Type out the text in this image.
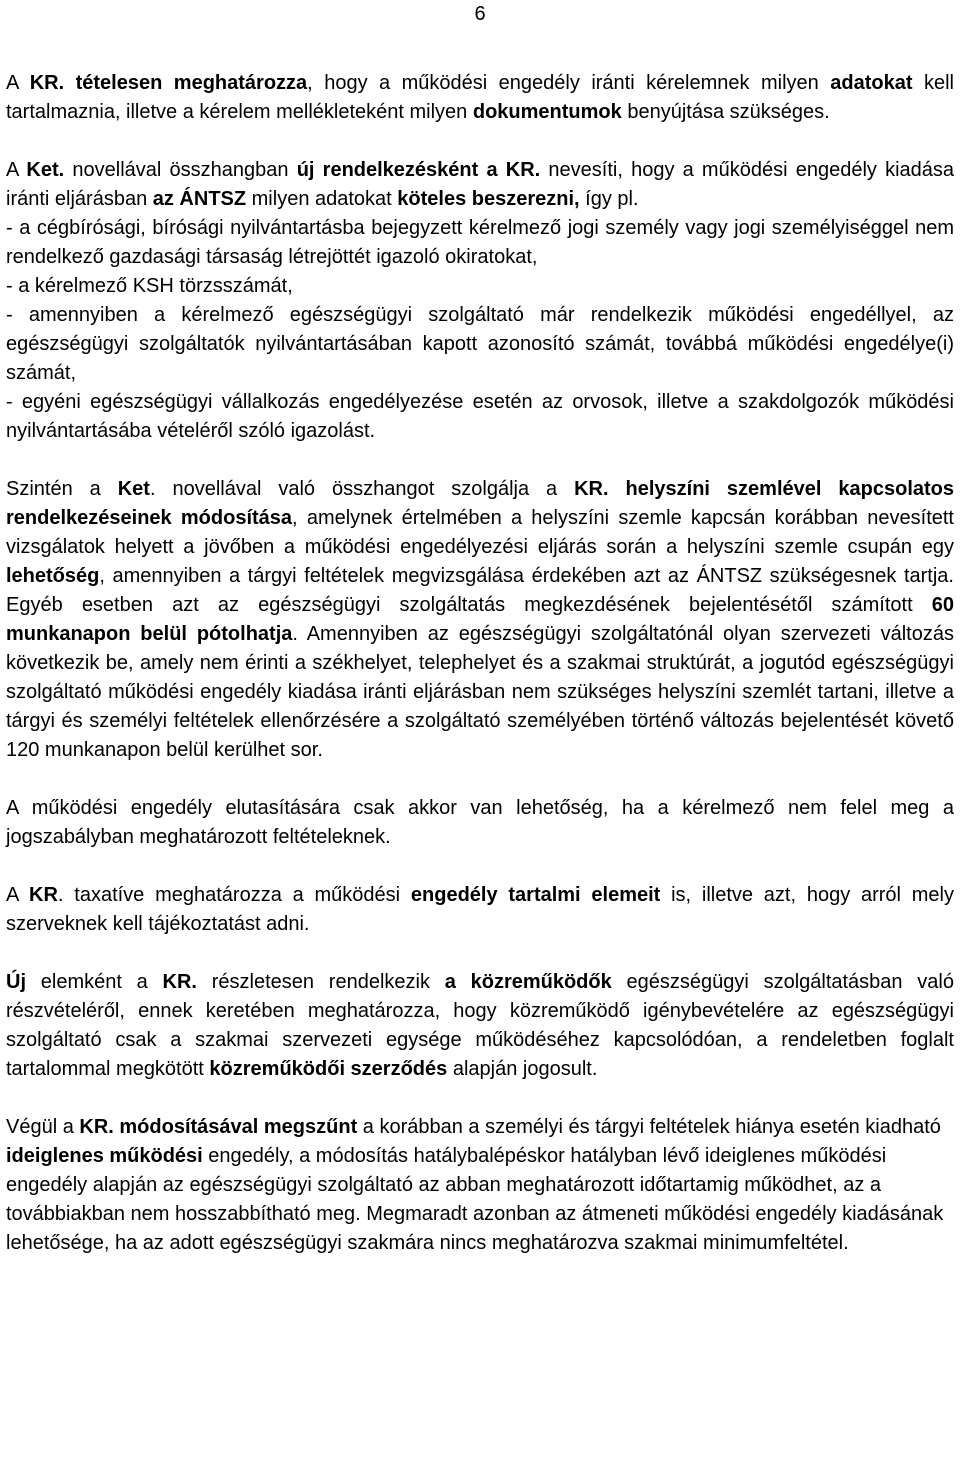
6

A KR. tételesen meghatározza, hogy a működési engedély iránti kérelemnek milyen adatokat kell tartalmaznia, illetve a kérelem mellékleteként milyen dokumentumok benyújtása szükséges.

A Ket. novellával összhangban új rendelkezésként a KR. nevesíti, hogy a működési engedély kiadása iránti eljárásban az ÁNTSZ milyen adatokat köteles beszerezni, így pl.

- a cégbírósági, bírósági nyilvántartásba bejegyzett kérelmező jogi személy vagy jogi személyiséggel nem rendelkező gazdasági társaság létrejöttét igazoló okiratokat,

- a kérelmező KSH törzsszámát,

- amennyiben a kérelmező egészségügyi szolgáltató már rendelkezik működési engedéllyel, az egészségügyi szolgáltatók nyilvántartásában kapott azonosító számát, továbbá működési engedélye(i) számát,

- egyéni egészségügyi vállalkozás engedélyezése esetén az orvosok, illetve a szakdolgozók működési nyilvántartásába vételéről szóló igazolást.

Szintén a Ket. novellával való összhangot szolgálja a KR. helyszíni szemlével kapcsolatos rendelkezéseinek módosítása, amelynek értelmében a helyszíni szemle kapcsán korábban nevesített vizsgálatok helyett a jövőben a működési engedélyezési eljárás során a helyszíni szemle csupán egy lehetőség, amennyiben a tárgyi feltételek megvizsgálása érdekében azt az ÁNTSZ szükségesnek tartja. Egyéb esetben azt az egészségügyi szolgáltatás megkezdésének bejelentésétől számított 60 munkanapon belül pótolhatja. Amennyiben az egészségügyi szolgáltatónál olyan szervezeti változás következik be, amely nem érinti a székhelyet, telephelyet és a szakmai struktúrát, a jogutód egészségügyi szolgáltató működési engedély kiadása iránti eljárásban nem szükséges helyszíni szemlét tartani, illetve a tárgyi és személyi feltételek ellenőrzésére a szolgáltató személyében történő változás bejelentését követő 120 munkanapon belül kerülhet sor.

A működési engedély elutasítására csak akkor van lehetőség, ha a kérelmező nem felel meg a jogszabályban meghatározott feltételeknek.

A KR. taxatíve meghatározza a működési engedély tartalmi elemeit is, illetve azt, hogy arról mely szerveknek kell tájékoztatást adni.

Új elemként a KR. részletesen rendelkezik a közreműködők egészségügyi szolgáltatásban való részvételéről, ennek keretében meghatározza, hogy közreműködő igénybevételére az egészségügyi szolgáltató csak a szakmai szervezeti egysége működéséhez kapcsolódóan, a rendeletben foglalt tartalommal megkötött közreműködői szerződés alapján jogosult.

Végül a KR. módosításával megszűnt a korábban a személyi és tárgyi feltételek hiánya esetén kiadható ideiglenes működési engedély, a módosítás hatálybalépéskor hatályban lévő ideiglenes működési engedély alapján az egészségügyi szolgáltató az abban meghatározott időtartamig működhet, az a továbbiakban nem hosszabbítható meg. Megmaradt azonban az átmeneti működési engedély kiadásának lehetősége, ha az adott egészségügyi szakmára nincs meghatározva szakmai minimumfeltétel.
